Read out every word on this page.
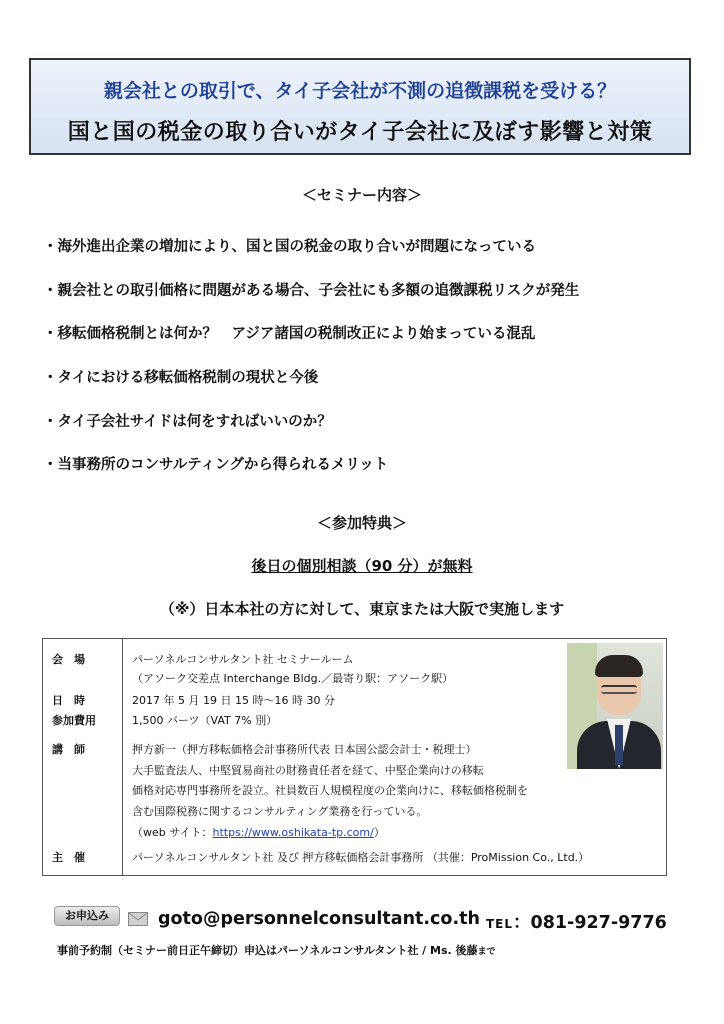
親会社との取引で、タイ子会社が不測の追徴課税を受ける？
国と国の税金の取り合いがタイ子会社に及ぼす影響と対策
＜セミナー内容＞
・海外進出企業の増加により、国と国の税金の取り合いが問題になっている
・親会社との取引価格に問題がある場合、子会社にも多額の追徴課税リスクが発生
・移転価格税制とは何か？　アジア諸国の税制改正により始まっている混乱
・タイにおける移転価格税制の現状と今後
・タイ子会社サイドは何をすればいいのか？
・当事務所のコンサルティングから得られるメリット
＜参加特典＞
後日の個別相談（90 分）が無料
（※）日本本社の方に対して、東京または大阪で実施します
会　場	パーソネルコンサルタント社 セミナールーム
（アソーク交差点 Interchange Bldg.／最寄り駅：アソーク駅）
日　時	2017 年 5 月 19 日 15 時～16 時 30 分
参加費用	1,500 バーツ（VAT 7% 別）
講　師	押方新一（押方移転価格会計事務所代表 日本国公認会計士・税理士）
大手監査法人、中堅貿易商社の財務責任者を経て、中堅企業向けの移転
価格対応専門事務所を設立。社員数百人規模程度の企業向けに、移転価格税制を
含む国際税務に関するコンサルティング業務を行っている。
（web サイト：https://www.oshikata-tp.com/）
主　催	パーソネルコンサルタント社 及び 押方移転価格会計事務所 （共催：ProMission Co., Ltd.）
お申込み	goto@personnelconsultant.co.th TEL：081-927-9776
事前予約制（セミナー前日正午締切）申込はパーソネルコンサルタント社 / Ms. 後藤まで
